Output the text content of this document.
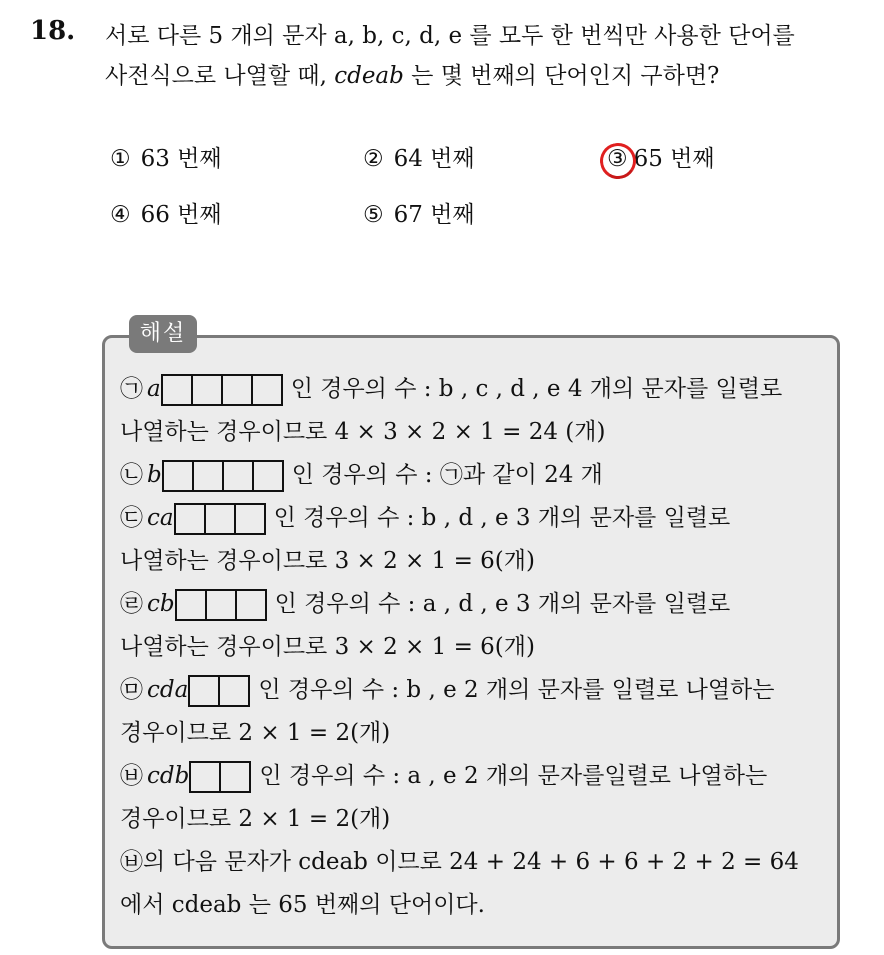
18. 서로 다른 5 개의 문자 a, b, c, d, e 를 모두 한 번씩만 사용한 단어를
사전식으로 나열할 때, cdeab 는 몇 번째의 단어인지 구하면?
① 63 번째	② 64 번째	③ 65 번째
④ 66 번째	⑤ 67 번째
해설
㉠ a	인 경우의 수 : b , c , d , e 4 개의 문자를 일렬로
나열하는 경우이므로 4 × 3 × 2 × 1 = 24 (개)
㉡ b	인 경우의 수 : ㉠과 같이 24 개
㉢ ca	인 경우의 수 : b , d , e 3 개의 문자를 일렬로
나열하는 경우이므로 3 × 2 × 1 = 6(개)
㉣ cb	인 경우의 수 : a , d , e 3 개의 문자를 일렬로
나열하는 경우이므로 3 × 2 × 1 = 6(개)
㉤ cda	인 경우의 수 : b , e 2 개의 문자를 일렬로 나열하는
경우이므로 2 × 1 = 2(개)
㉥ cdb	인 경우의 수 : a , e 2 개의 문자를일렬로 나열하는
경우이므로 2 × 1 = 2(개)
㉥의 다음 문자가 cdeab 이므로 24 + 24 + 6 + 6 + 2 + 2 = 64
에서 cdeab 는 65 번째의 단어이다.
